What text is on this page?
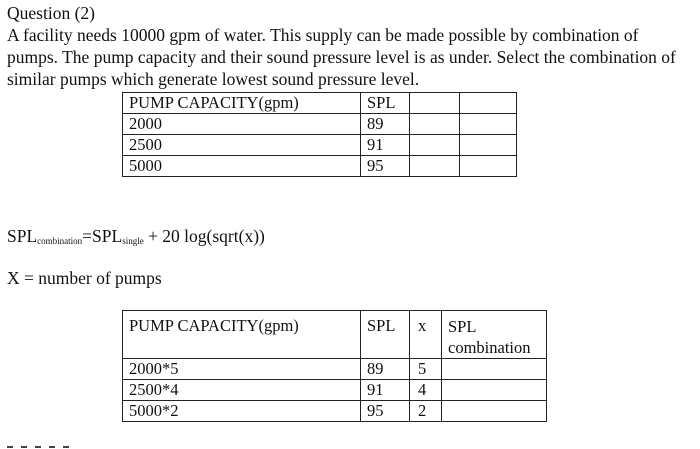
Question (2)
A facility needs 10000 gpm of water. This supply can be made possible by combination of
pumps. The pump capacity and their sound pressure level is as under. Select the combination of
similar pumps which generate lowest sound pressure level.
PUMP CAPACITY(gpm)	SPL		
2000	89		
2500	91		
5000	95		
$SPL_{combination}=SPL_{single} + 20$ log(sqrt(x))
X = number of pumps
PUMP CAPACITY(gpm)	SPL	x	SPL
combination

2000*5	89	5	
2500*4	91	4	
5000*2	95	2	
